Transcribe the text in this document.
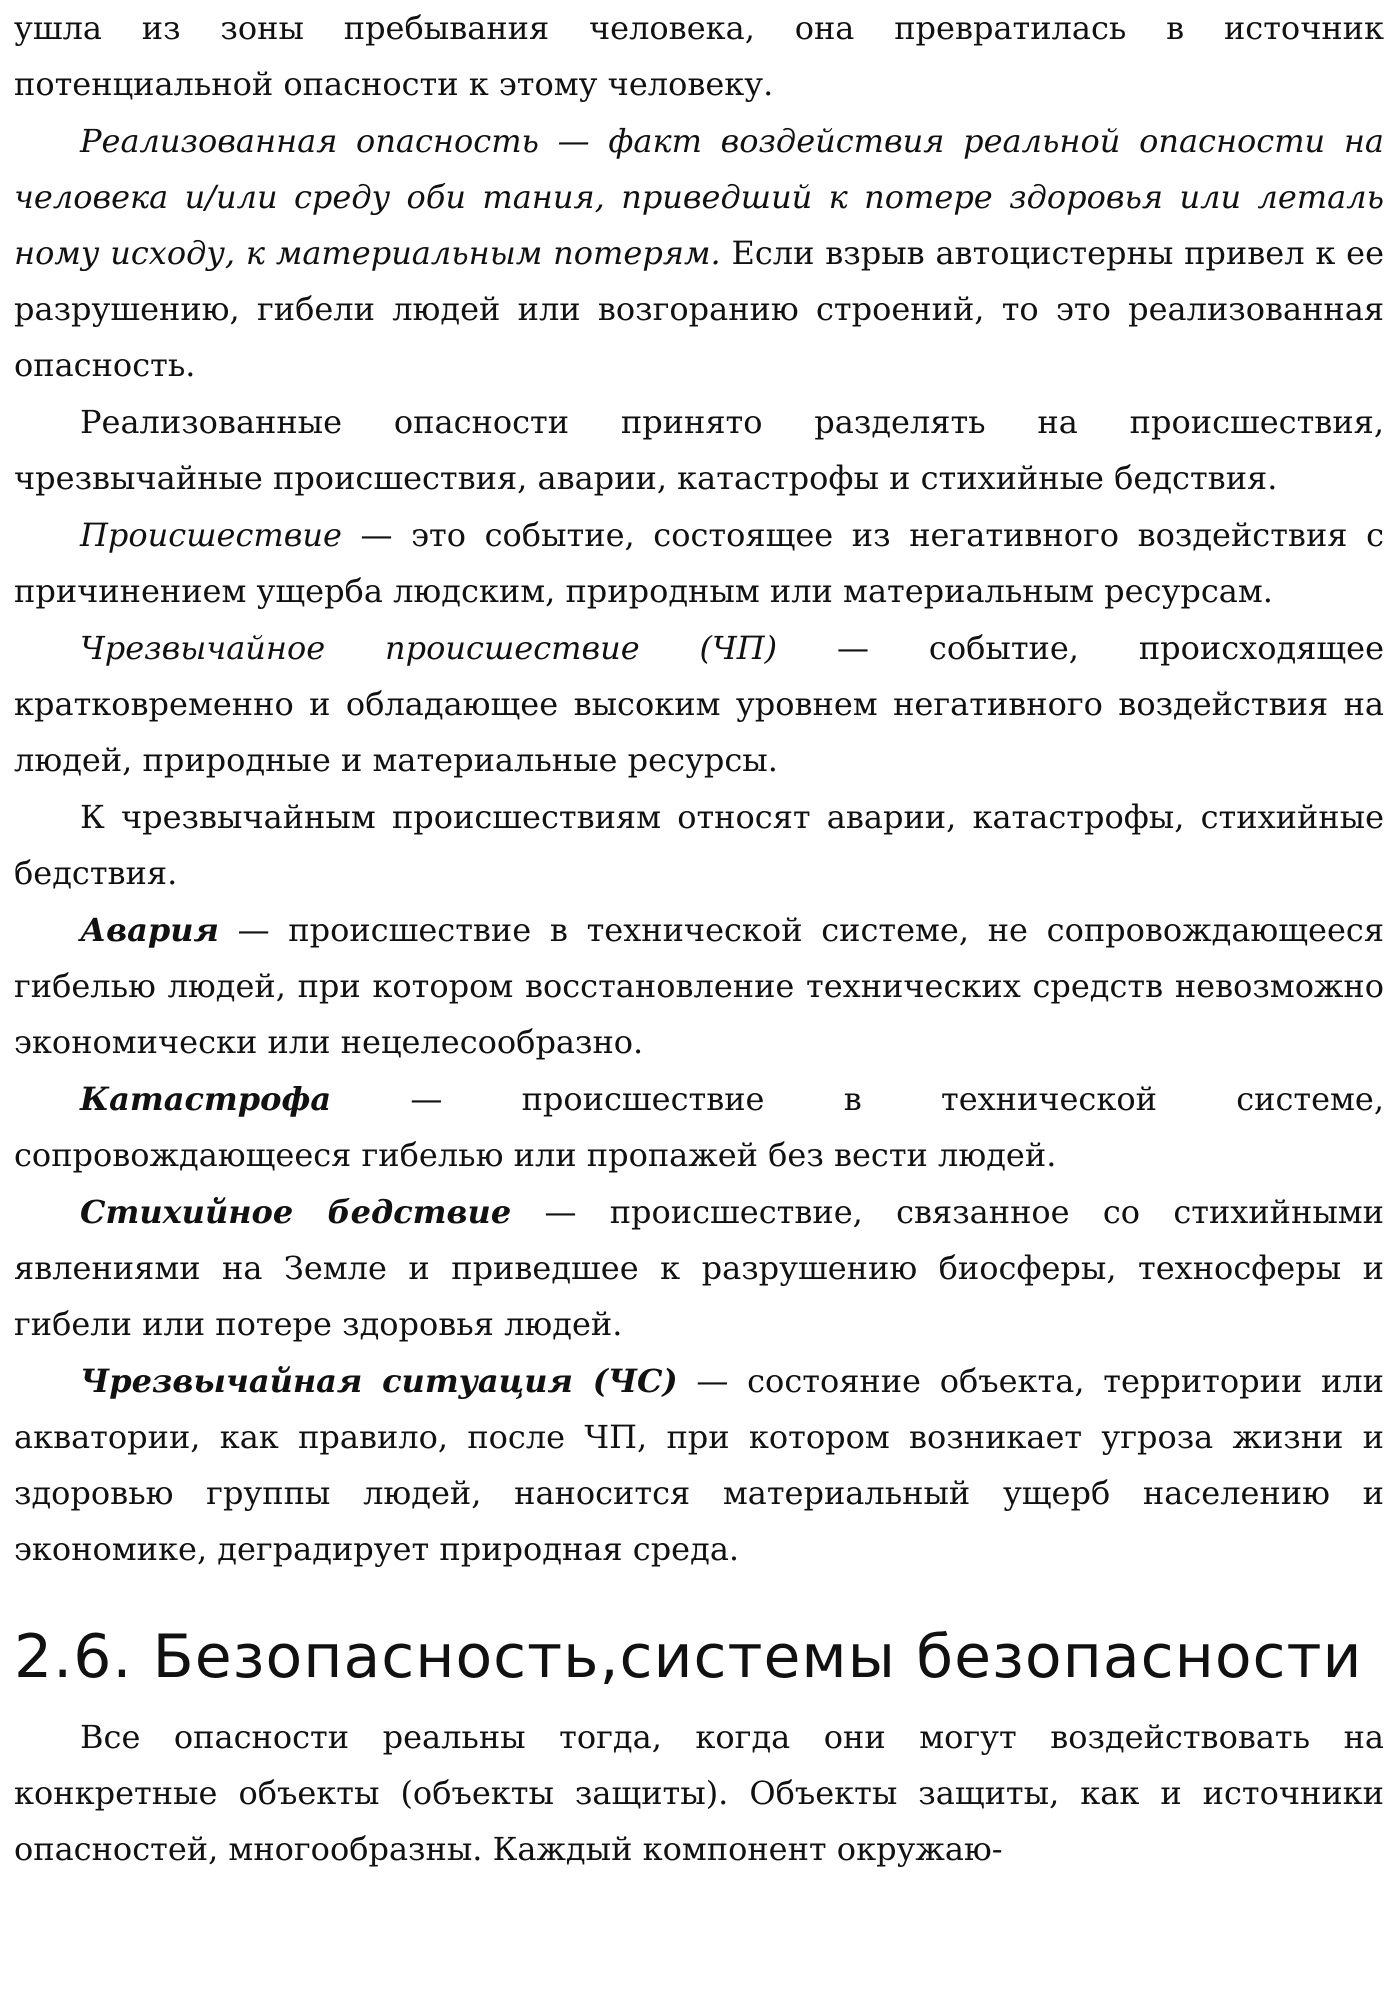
ушла из зоны пребывания человека, она превратилась в источник потенциальной опасности к этому человеку.

Реализованная опасность — факт воздействия реальной опасности на человека и/или среду оби тания, приведший к потере здоровья или леталь ному исходу, к материальным потерям. Если взрыв автоцистерны привел к ее разрушению, гибели людей или возгоранию строений, то это реализованная опасность.

Реализованные опасности принято разделять на происшествия, чрезвычайные происшествия, аварии, катастрофы и стихийные бедствия.

Происшествие — это событие, состоящее из негативного воздействия с причинением ущерба людским, природным или материальным ресурсам.

Чрезвычайное происшествие (ЧП) — событие, происходящее кратковременно и обладающее высоким уровнем негативного воздействия на людей, природные и материальные ресурсы.

К чрезвычайным происшествиям относят аварии, катастрофы, стихийные бедствия.

Авария — происшествие в технической системе, не сопровождающееся гибелью людей, при котором восстановление технических средств невозможно экономически или нецелесообразно.

Катастрофа — происшествие в технической системе, сопровождающееся гибелью или пропажей без вести людей.

Стихийное бедствие — происшествие, связанное со стихийными явлениями на Земле и приведшее к разрушению биосферы, техносферы и гибели или потере здоровья людей.

Чрезвычайная ситуация (ЧС) — состояние объекта, территории или акватории, как правило, после ЧП, при котором возникает угроза жизни и здоровью группы людей, наносится материальный ущерб населению и экономике, деградирует природная среда.

2.6. Безопасность,системы безопасности

Все опасности реальны тогда, когда они могут воздействовать на конкретные объекты (объекты защиты). Объекты защиты, как и источники опасностей, многообразны. Каждый компонент окружаю-
